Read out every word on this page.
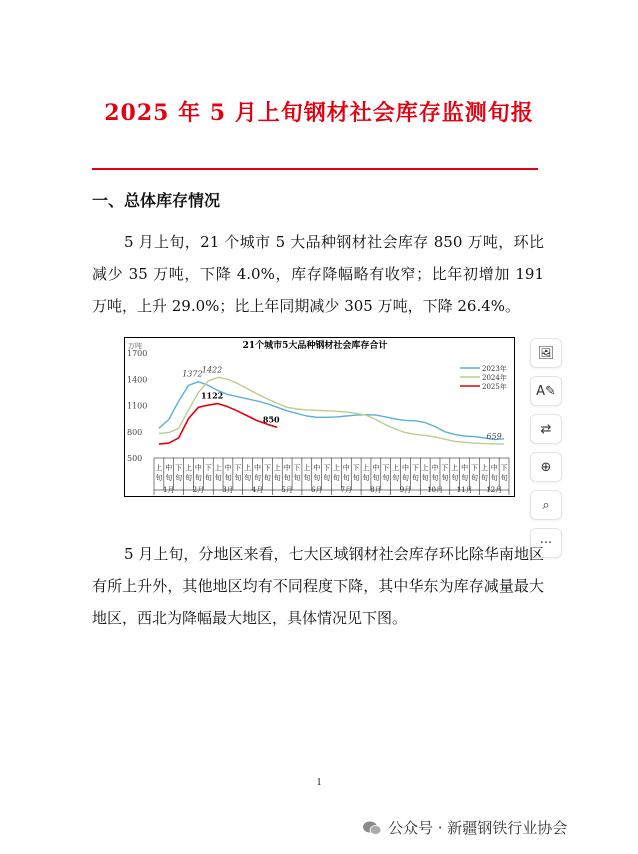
2025 年 5 月上旬钢材社会库存监测旬报
一、总体库存情况
5 月上旬，21 个城市 5 大品种钢材社会库存 850 万吨，环比减少 35 万吨，下降 4.0%，库存降幅略有收窄；比年初增加 191 万吨，上升 29.0%；比上年同期减少 305 万吨，下降 26.4%。
21个城市5大品种钢材社会库存合计
万吨
500
800
1100
1400
1700
上
旬
中
旬
下
旬
上
旬
中
旬
下
旬
上
旬
中
旬
下
旬
上
旬
中
旬
下
旬
上
旬
中
旬
下
旬
上
旬
中
旬
下
旬
上
旬
中
旬
下
旬
上
旬
中
旬
下
旬
上
旬
中
旬
下
旬
上
旬
中
旬
下
旬
上
旬
中
旬
下
旬
上
旬
中
旬
下
旬
1月	2月	3月	4月	5月	6月	7月	8月	9月 10月 11月 12月
1372 1422
1122
850
659
2023年
2024年
2025年
🖼
A✎
⇄
⊕
⌕
···
5 月上旬，分地区来看，七大区域钢材社会库存环比除华南地区有所上升外，其他地区均有不同程度下降，其中华东为库存减量最大地区，西北为降幅最大地区，具体情况见下图。
1
公众号 · 新疆钢铁行业协会
